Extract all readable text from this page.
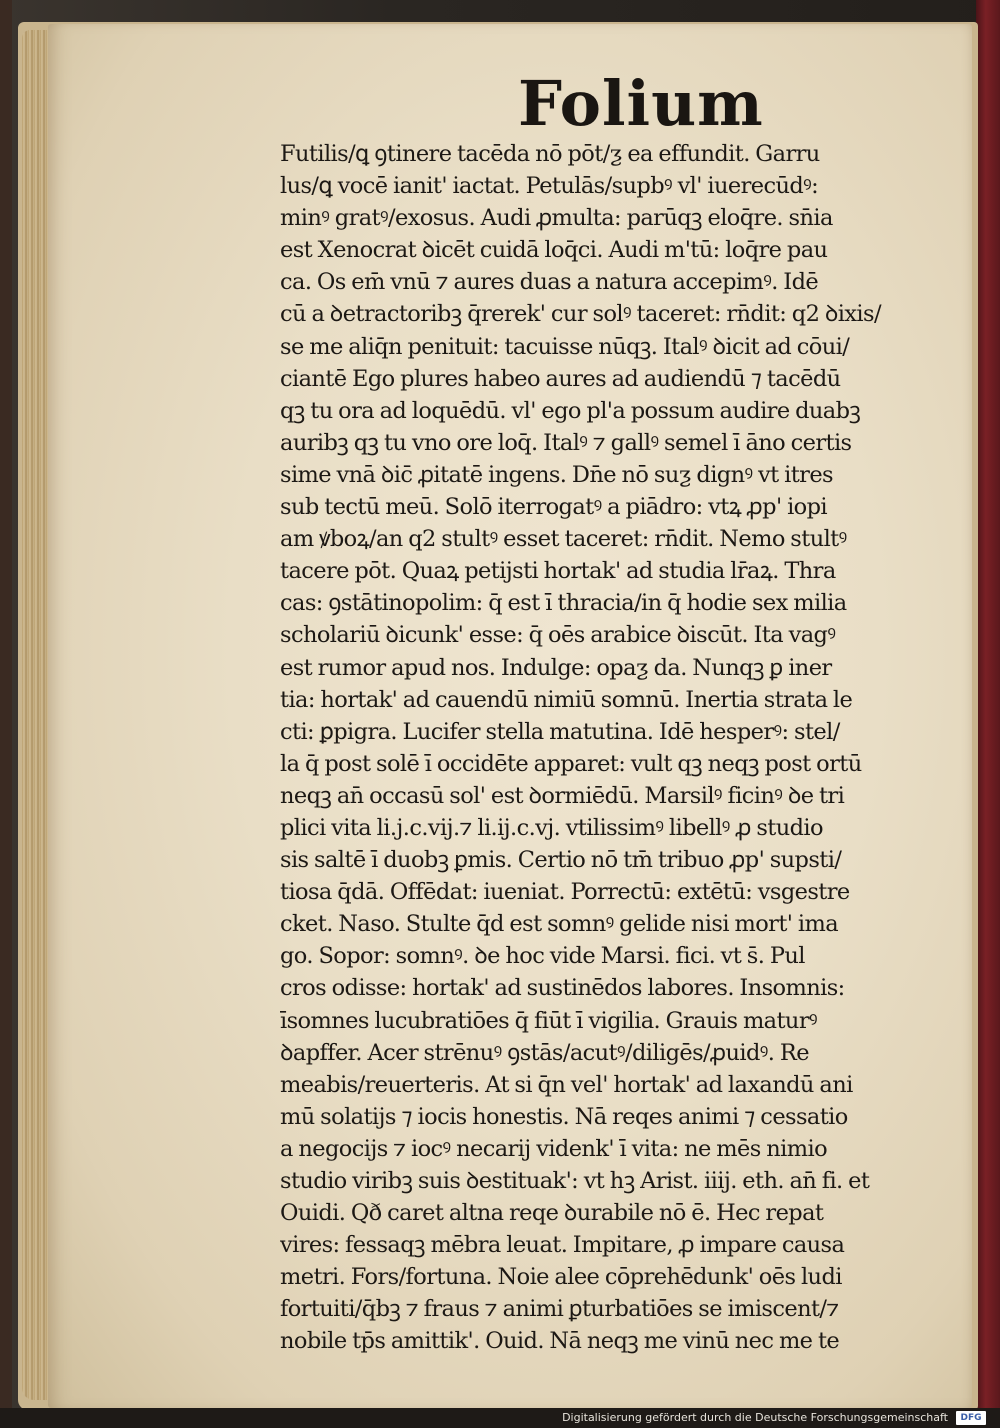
Folium
Futilis/ꝗ ꝯtinere tacēda nō pōt/ƺ ea effundit. Garru
lus/ꝗ vocē ianit' iactat. Petulās/supbꝰ vl' iuerecūdꝰ:
minꝰ gratꝰ/exosus. Audi ꝓmulta: parūqꝫ eloq̄re. sn̄ia
est Xenocrat ꝺicēt cuidā loq̄ci. Audi m'tū: loq̄re pau
ca. Os em̄ vnū ⁊ aures duas a natura accepimꝰ. Idē
cū a ꝺetractoribꝫ q̄rerek' cur solꝰ taceret: rn̄dit: q2 ꝺixis/
se me aliq̄n penituit: tacuisse nūqꝫ. Italꝰ ꝺicit ad cōui/
ciantē Ego plures habeo aures ad audiendū ⁊ tacēdū
qꝫ tu ora ad loquēdū. vl' ego pl'a possum audire duabꝫ
auribꝫ qꝫ tu vno ore loq̄. Italꝰ ⁊ gallꝰ semel ī āno certis
sime vnā ꝺic̄ ꝓitatē ingens. Dn̄e nō suƺ dignꝰ vt itres
sub tectū meū. Solō iterrogatꝰ a piādro: vtꝝ ꝓp' iopi
am ꝟboꝝ/an q2 stultꝰ esset taceret: rn̄dit. Nemo stultꝰ
tacere pōt. Quaꝝ petijsti hortak' ad studia lr̄aꝝ. Thra
cas: ꝯstātinopolim: q̄ est ī thracia/in q̄ hodie sex milia
scholariū ꝺicunk' esse: q̄ oēs arabice ꝺiscūt. Ita vagꝰ
est rumor apud nos. Indulge: opaƺ da. Nunqꝫ ꝑ iner
tia: hortak' ad cauendū nimiū somnū. Inertia strata le
cti: ꝑpigra. Lucifer stella matutina. Idē hesperꝰ: stel/
la q̄ post solē ī occidēte apparet: vult qꝫ neqꝫ post ortū
neqꝫ an̄ occasū sol' est ꝺormiēdū. Marsilꝰ ficinꝰ ꝺe tri
plici vita li.j.c.vij.⁊ li.ij.c.vj. vtilissimꝰ libellꝰ ꝓ studio
sis saltē ī duobꝫ ꝑmis. Certio nō tm̄ tribuo ꝓp' supsti/
tiosa q̄dā. Offēdat: iueniat. Porrectū: extētū: vsgestre
cket. Naso. Stulte q̄d est somnꝰ gelide nisi mort' ima
go. Sopor: somnꝰ. ꝺe hoc vide Marsi. fici. vt s̄. Pul
cros odisse: hortak' ad sustinēdos labores. Insomnis:
īsomnes lucubratiōes q̄ fiūt ī vigilia. Grauis maturꝰ
ꝺapffer. Acer strēnuꝰ ꝯstās/acutꝰ/diligēs/ꝓuidꝰ. Re
meabis/reuerteris. At si q̄n vel' hortak' ad laxandū ani
mū solatijs ⁊ iocis honestis. Nā reqes animi ⁊ cessatio
a negocijs ⁊ iocꝰ necarij videnk' ī vita: ne mēs nimio
studio viribꝫ suis ꝺestituak': vt hꝫ Arist. iiij. eth. an̄ fi. et
Ouidi. Qð caret altna reqe ꝺurabile nō ē. Hec repat
vires: fessaqꝫ mēbra leuat. Impitare, ꝓ impare causa
metri. Fors/fortuna. Noie alee cōprehēdunk' oēs ludi
fortuiti/q̄bꝫ ⁊ fraus ⁊ animi ꝑturbatiōes se imiscent/⁊
nobile tp̄s amittik'. Ouid. Nā neqꝫ me vinū nec me te
Digitalisierung gefördert durch die Deutsche Forschungsgemeinschaft	DFG
